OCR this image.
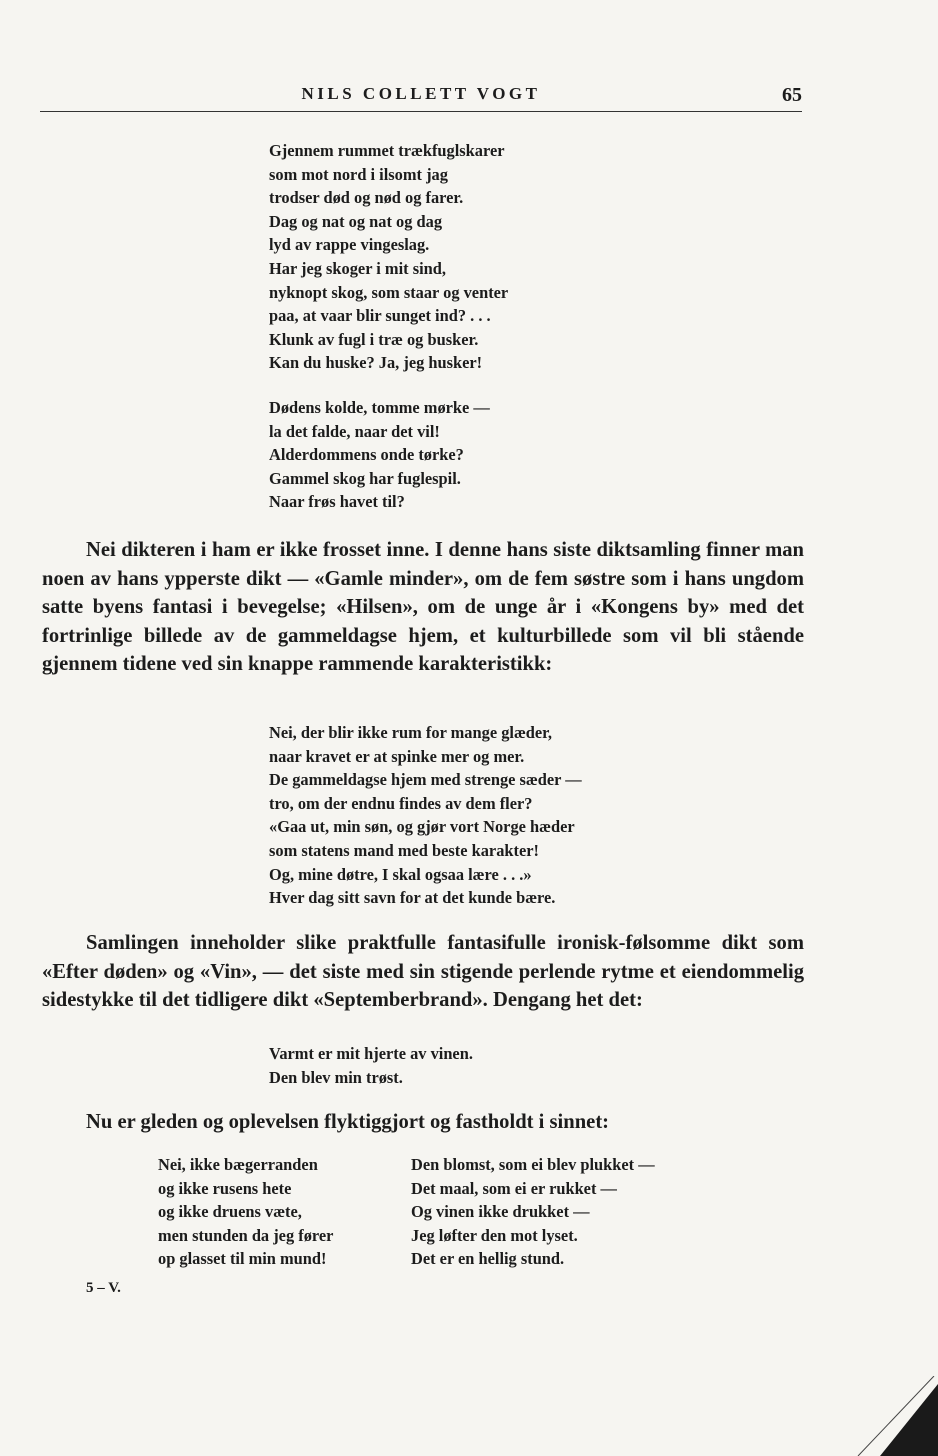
NILS COLLETT VOGT	65
Gjennem rummet trækfuglskarer
som mot nord i ilsomt jag
trodser død og nød og farer.
Dag og nat og nat og dag
lyd av rappe vingeslag.
Har jeg skoger i mit sind,
nyknopt skog, som staar og venter
paa, at vaar blir sunget ind? . . .
Klunk av fugl i træ og busker.
Kan du huske? Ja, jeg husker!
Dødens kolde, tomme mørke —
la det falde, naar det vil!
Alderdommens onde tørke?
Gammel skog har fuglespil.
Naar frøs havet til?

Nei dikteren i ham er ikke frosset inne. I denne hans siste diktsamling finner man noen av hans ypperste dikt — «Gamle minder», om de fem søstre som i hans ungdom satte byens fantasi i bevegelse; «Hilsen», om de unge år i «Kongens by» med det fortrinlige billede av de gammeldagse hjem, et kulturbillede som vil bli stående gjennem tidene ved sin knappe rammende karakteristikk:

Nei, der blir ikke rum for mange glæder,
naar kravet er at spinke mer og mer.
De gammeldagse hjem med strenge sæder —
tro, om der endnu findes av dem fler?
«Gaa ut, min søn, og gjør vort Norge hæder
som statens mand med beste karakter!
Og, mine døtre, I skal ogsaa lære . . .»
Hver dag sitt savn for at det kunde bære.

Samlingen inneholder slike praktfulle fantasifulle ironisk-følsomme dikt som «Efter døden» og «Vin», — det siste med sin stigende perlende rytme et eiendommelig sidestykke til det tidligere dikt «Septemberbrand». Dengang het det:

Varmt er mit hjerte av vinen.
Den blev min trøst.

Nu er gleden og oplevelsen flyktiggjort og fastholdt i sinnet:

Nei, ikke bægerranden
og ikke rusens hete
og ikke druens væte,
men stunden da jeg fører
op glasset til min mund!
Den blomst, som ei blev plukket —
Det maal, som ei er rukket —
Og vinen ikke drukket —
Jeg løfter den mot lyset.
Det er en hellig stund.
5 – V.
